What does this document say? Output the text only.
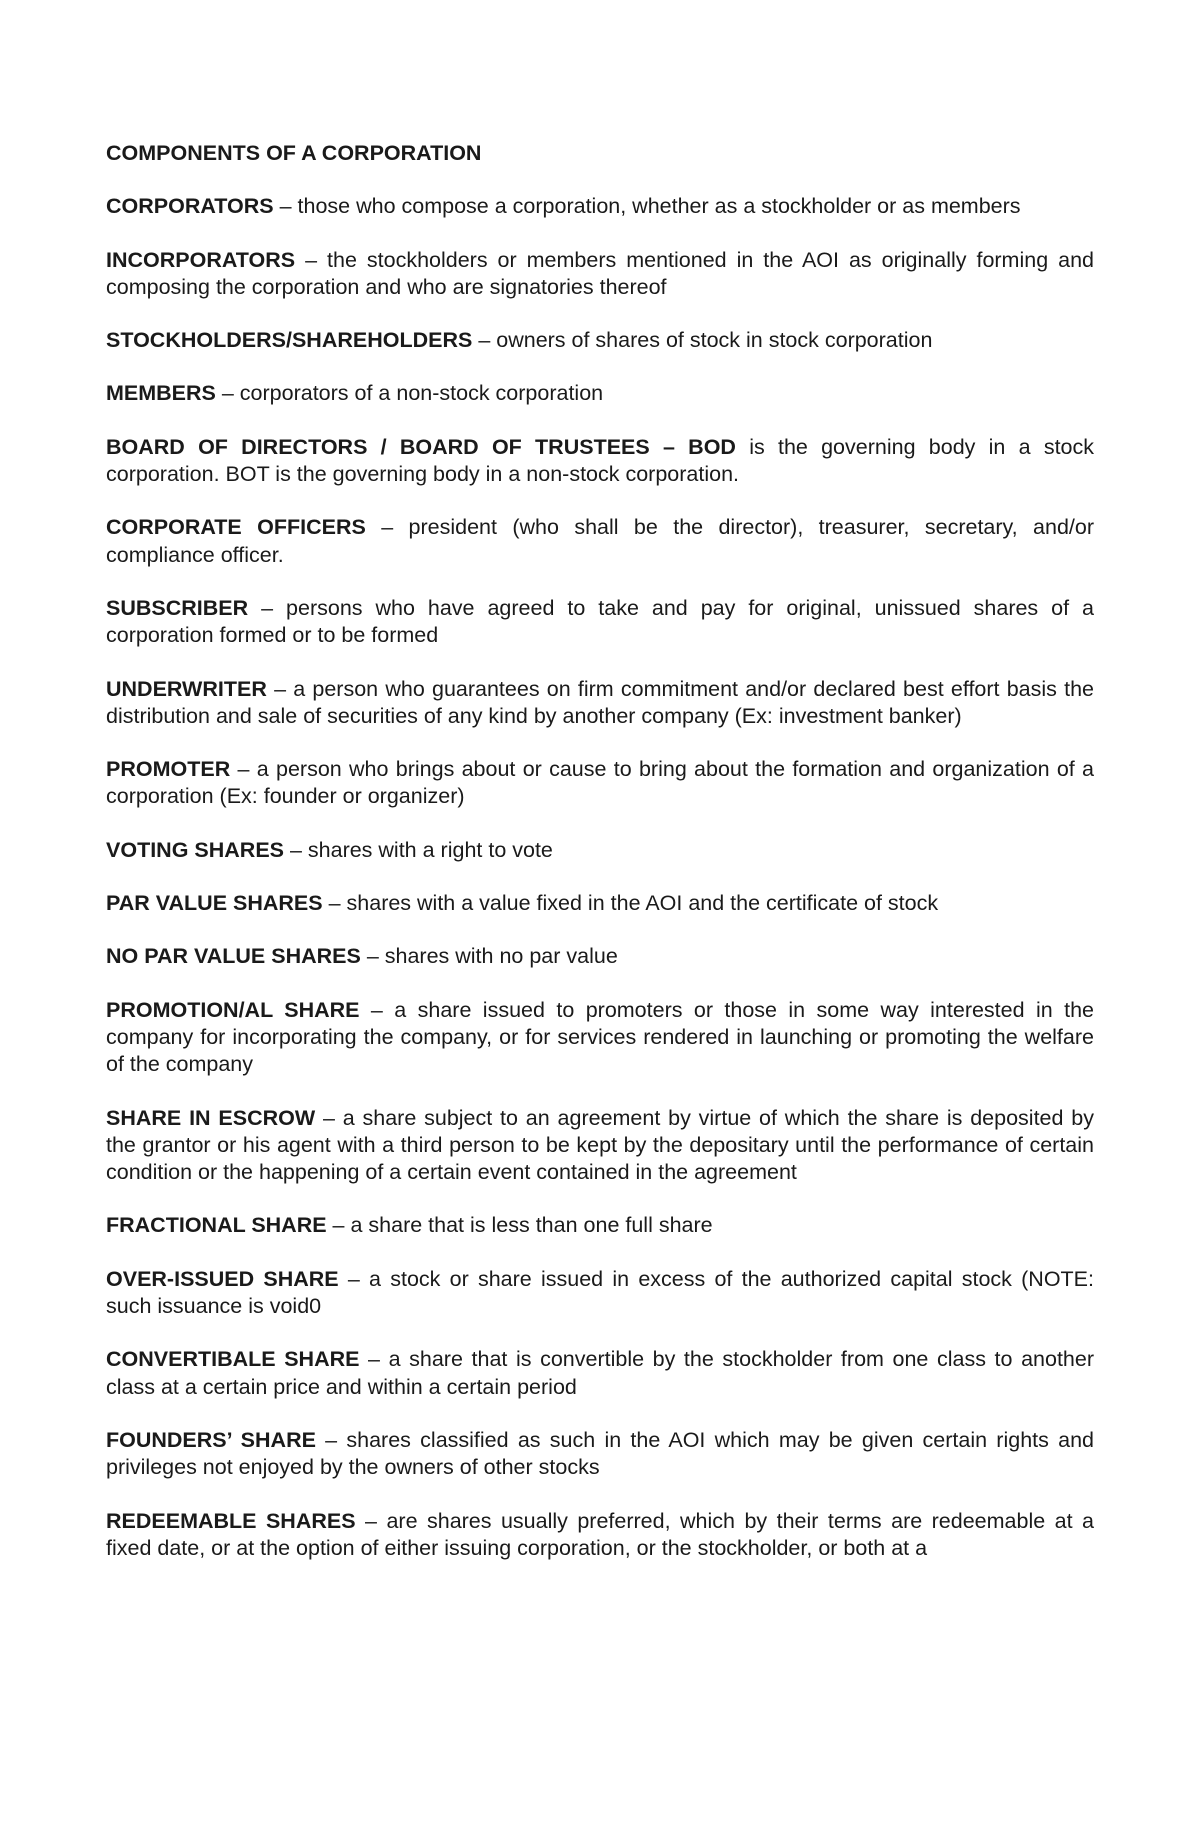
COMPONENTS OF A CORPORATION

CORPORATORS – those who compose a corporation, whether as a stockholder or as members

INCORPORATORS – the stockholders or members mentioned in the AOI as originally forming and composing the corporation and who are signatories thereof

STOCKHOLDERS/SHAREHOLDERS – owners of shares of stock in stock corporation

MEMBERS – corporators of a non-stock corporation

BOARD OF DIRECTORS / BOARD OF TRUSTEES – BOD is the governing body in a stock corporation. BOT is the governing body in a non-stock corporation.

CORPORATE OFFICERS – president (who shall be the director), treasurer, secretary, and/or compliance officer.

SUBSCRIBER – persons who have agreed to take and pay for original, unissued shares of a corporation formed or to be formed

UNDERWRITER – a person who guarantees on firm commitment and/or declared best effort basis the distribution and sale of securities of any kind by another company (Ex: investment banker)

PROMOTER – a person who brings about or cause to bring about the formation and organization of a corporation (Ex: founder or organizer)

VOTING SHARES – shares with a right to vote

PAR VALUE SHARES – shares with a value fixed in the AOI and the certificate of stock

NO PAR VALUE SHARES – shares with no par value

PROMOTION/AL SHARE – a share issued to promoters or those in some way interested in the company for incorporating the company, or for services rendered in launching or promoting the welfare of the company

SHARE IN ESCROW – a share subject to an agreement by virtue of which the share is deposited by the grantor or his agent with a third person to be kept by the depositary until the performance of certain condition or the happening of a certain event contained in the agreement

FRACTIONAL SHARE – a share that is less than one full share

OVER-ISSUED SHARE – a stock or share issued in excess of the authorized capital stock (NOTE: such issuance is void0

CONVERTIBALE SHARE – a share that is convertible by the stockholder from one class to another class at a certain price and within a certain period

FOUNDERS’ SHARE – shares classified as such in the AOI which may be given certain rights and privileges not enjoyed by the owners of other stocks

REDEEMABLE SHARES – are shares usually preferred, which by their terms are redeemable at a fixed date, or at the option of either issuing corporation, or the stockholder, or both at a
